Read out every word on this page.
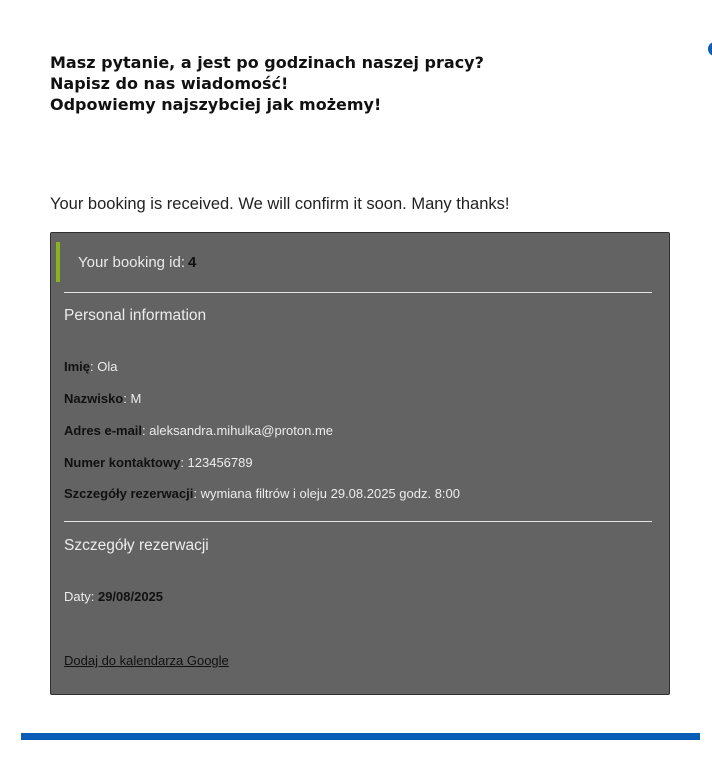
Masz pytanie, a jest po godzinach naszej pracy?
Napisz do nas wiadomość!
Odpowiemy najszybciej jak możemy!
Your booking is received. We will confirm it soon. Many thanks!
Your booking id: 4
Personal information
Imię: Ola
Nazwisko: M
Adres e-mail: aleksandra.mihulka@proton.me
Numer kontaktowy: 123456789
Szczegóły rezerwacji: wymiana filtrów i oleju 29.08.2025 godz. 8:00
Szczegóły rezerwacji
Daty: 29/08/2025
Dodaj do kalendarza Google
